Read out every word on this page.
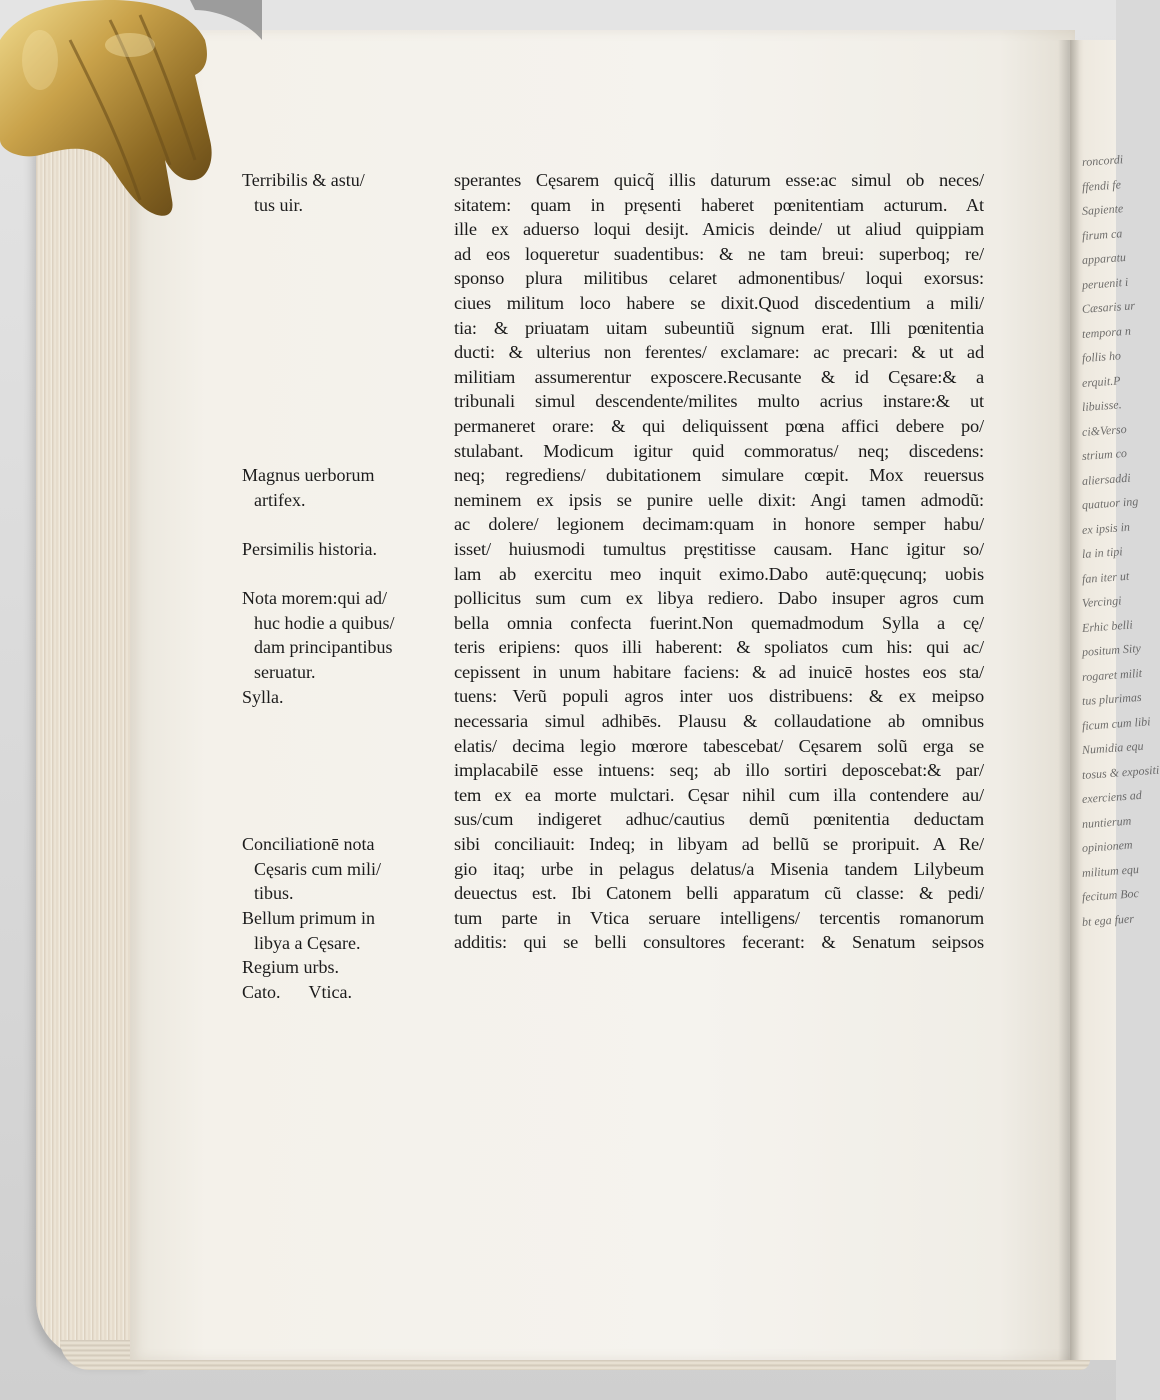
roncordi
ffendi fe
Sapiente
firum ca
apparatu
peruenit i
Cæsaris ur
tempora n
follis ho
erquit.P
libuisse.
ci&Verso
strium co
aliersaddi
quatuor ing
ex ipsis in
la in tipi
fan iter ut
Vercingi
Erhic belli
positum Sity
rogaret milit
tus plurimas
ficum cum libi
Numidia equ
tosus & expositi
exerciens ad
nuntierum
opinionem
militum equ
fecitum Boc
bt ega fuer
Terribilis & astu/
tus uir.
Magnus uerborum
artifex.
Persimilis historia.
Nota morem:qui ad/
huc hodie a quibus/
dam principantibus
seruatur.
Sylla.
Conciliationē nota
Cęsaris cum mili/
tibus.
Bellum primum in
libya a Cęsare.
Regium urbs.
Cato. Vtica.
sperantes Cęsarem quicq̃ illis daturum esse:ac simul ob neces/
sitatem: quam in pręsenti haberet pœnitentiam acturum. At
ille ex aduerso loqui desijt. Amicis deinde/ ut aliud quippiam
ad eos loqueretur suadentibus: & ne tam breui: superboq; re/
sponso plura militibus celaret admonentibus/ loqui exorsus:
ciues militum loco habere se dixit.Quod discedentium a mili/
tia: & priuatam uitam subeuntiũ signum erat. Illi pœnitentia
ducti: & ulterius non ferentes/ exclamare: ac precari: & ut ad
militiam assumerentur exposcere.Recusante & id Cęsare:& a
tribunali simul descendente/milites multo acrius instare:& ut
permaneret orare: & qui deliquissent pœna affici debere po/
stulabant. Modicum igitur quid commoratus/ neq; discedens:
neq; regrediens/ dubitationem simulare cœpit. Mox reuersus
neminem ex ipsis se punire uelle dixit: Angi tamen admodũ:
ac dolere/ legionem decimam:quam in honore semper habu/
isset/ huiusmodi tumultus pręstitisse causam. Hanc igitur so/
lam ab exercitu meo inquit eximo.Dabo autē:quęcunq; uobis
pollicitus sum cum ex libya rediero. Dabo insuper agros cum
bella omnia confecta fuerint.Non quemadmodum Sylla a cę/
teris eripiens: quos illi haberent: & spoliatos cum his: qui ac/
cepissent in unum habitare faciens: & ad inuicē hostes eos sta/
tuens: Verũ populi agros inter uos distribuens: & ex meipso
necessaria simul adhibēs. Plausu & collaudatione ab omnibus
elatis/ decima legio mœrore tabescebat/ Cęsarem solũ erga se
implacabilē esse intuens: seq; ab illo sortiri deposcebat:& par/
tem ex ea morte mulctari. Cęsar nihil cum illa contendere au/
sus/cum indigeret adhuc/cautius demũ pœnitentia deductam
sibi conciliauit: Indeq; in libyam ad bellũ se proripuit. A Re/
gio itaq; urbe in pelagus delatus/a Misenia tandem Lilybeum
deuectus est. Ibi Catonem belli apparatum cũ classe: & pedi/
tum parte in Vtica seruare intelligens/ tercentis romanorum
additis: qui se belli consultores fecerant: & Senatum seipsos
